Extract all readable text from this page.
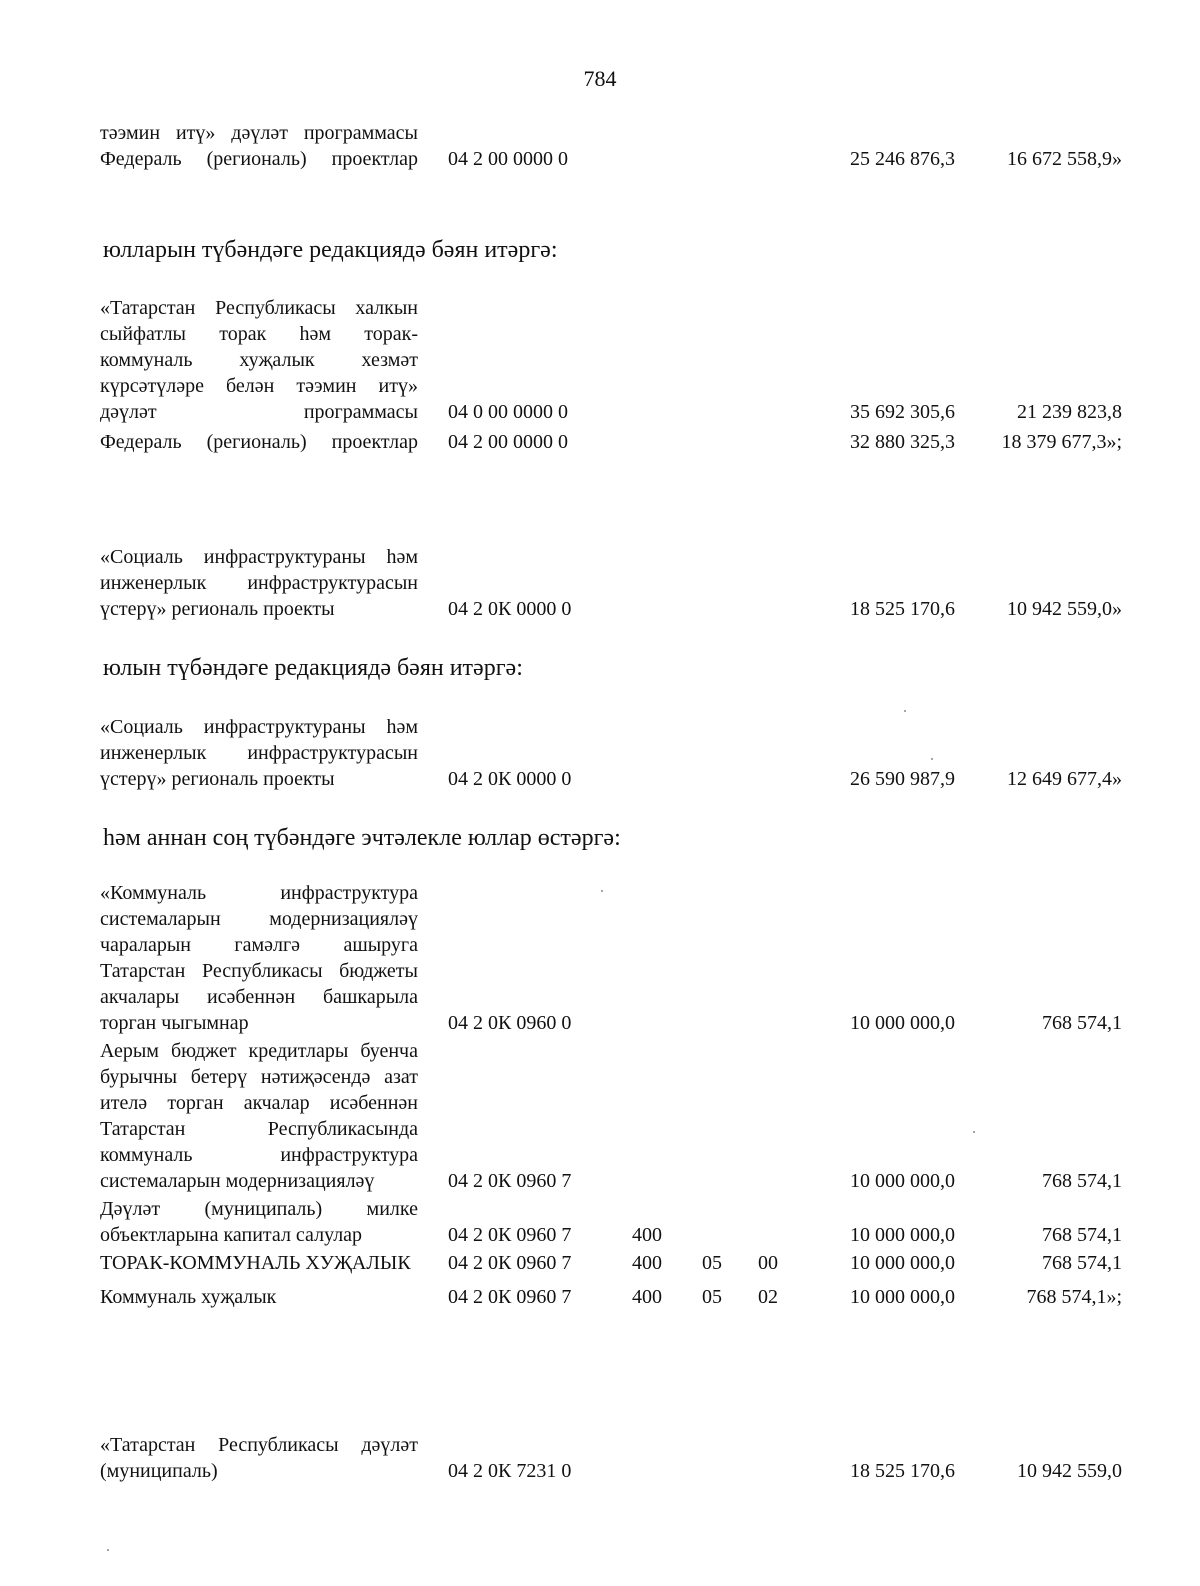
784
тәэмин итү» дәүләт программасы
Федераль (региональ) проектлар 04 2 00 0000 0	25 246 876,3	16 672 558,9»
юлларын түбәндәге редакциядә бәян итәргә:
«Татарстан Республикасы халкын сыйфатлы торак һәм торак-коммуналь хуҗалык хезмәт күрсәтүләре белән тәэмин итү» дәүләт программасы 04 0 00 0000 0	35 692 305,6	21 239 823,8
Федераль (региональ) проектлар 04 2 00 0000 0	32 880 325,3 18 379 677,3»;
«Социаль инфраструктураны һәм инженерлык инфраструктурасын үстерү» региональ проекты	04 2 0К 0000 0	18 525 170,6	10 942 559,0»
юлын түбәндәге редакциядә бәян итәргә:
«Социаль инфраструктураны һәм инженерлык инфраструктурасын үстерү» региональ проекты	04 2 0К 0000 0	26 590 987,9	12 649 677,4»
һәм аннан соң түбәндәге эчтәлекле юллар өстәргә:
«Коммуналь инфраструктура системаларын модернизацияләү чараларын гамәлгә ашыруга Татарстан Республикасы бюджеты акчалары исәбеннән башкарыла торган чыгымнар	04 2 0К 0960 0	10 000 000,0	768 574,1
Аерым бюджет кредитлары буенча бурычны бетерү нәтиҗәсендә азат ителә торган акчалар исәбеннән Татарстан Республикасында коммуналь инфраструктура системаларын модернизацияләү	04 2 0К 0960 7	10 000 000,0	768 574,1
Дәүләт (муниципаль) милке объектларына капитал салулар	04 2 0К 0960 7	400	10 000 000,0	768 574,1
ТОРАК-КОММУНАЛЬ ХУҖАЛЫК	04 2 0К 0960 7	400 05 00	10 000 000,0	768 574,1
Коммуналь хуҗалык	04 2 0К 0960 7	400 05 02	10 000 000,0	768 574,1»;
«Татарстан Республикасы дәүләт (муниципаль)	04 2 0К 7231 0	18 525 170,6	10 942 559,0
